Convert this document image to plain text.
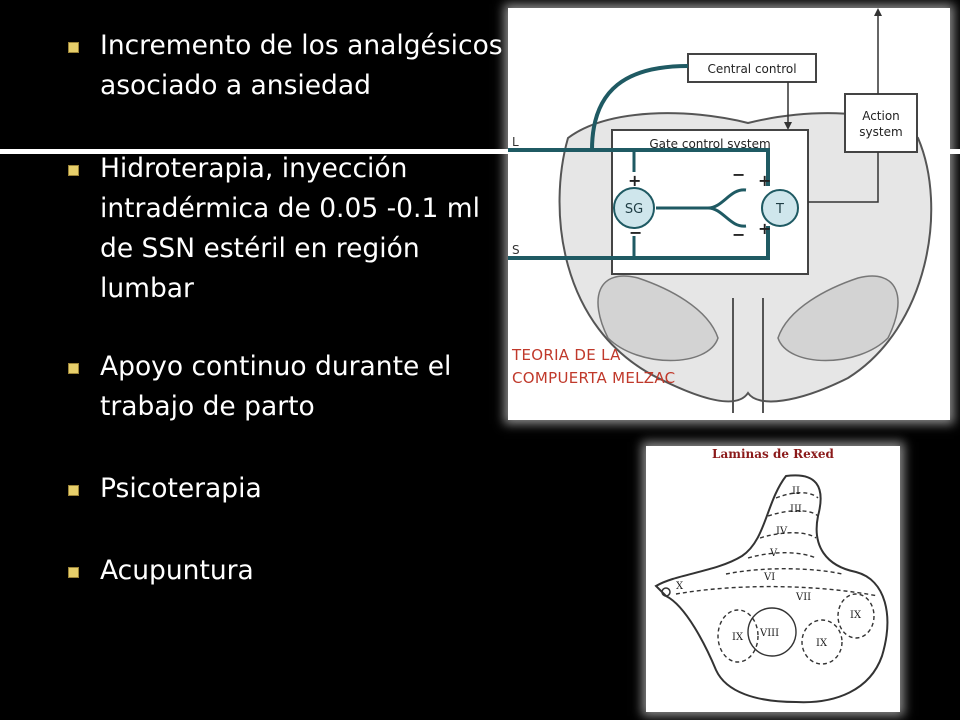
Incremento de los analgésicos asociado a ansiedad
Hidroterapia, inyección intradérmica de 0.05 -0.1 ml de SSN estéril en región lumbar
Apoyo continuo durante el trabajo de parto
Psicoterapia
Acupuntura
Gate control system
Central control
Action
system
L
S
SG	T
+
−
− +
− +
TEORIA DE LA
COMPUERTA MELZAC
Laminas de Rexed
II
III
IV
V
VI
VII
VIII
IX
IX
IX
X
